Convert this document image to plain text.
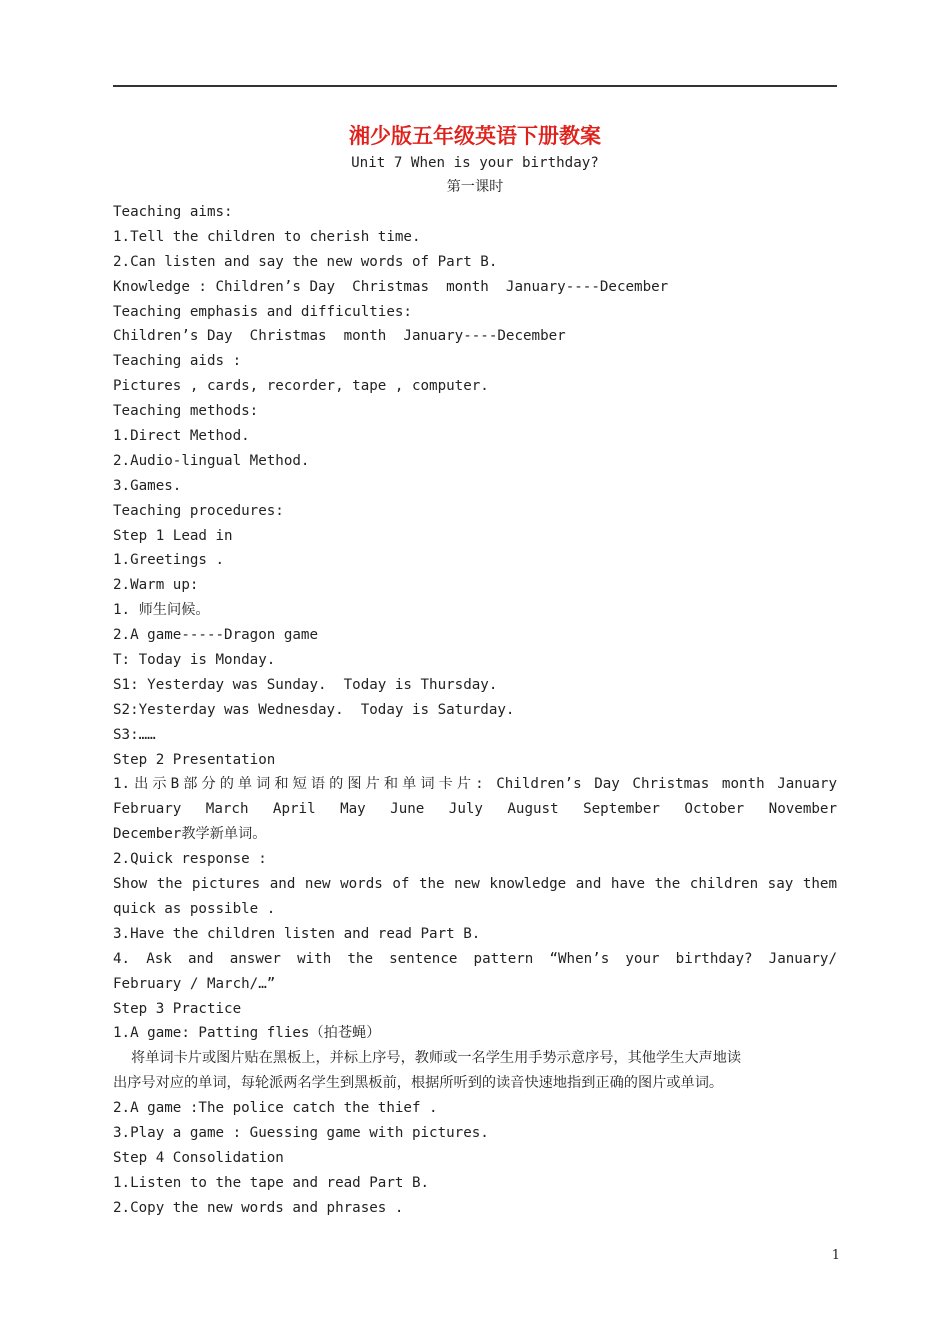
湘少版五年级英语下册教案
Unit 7 When is your birthday?
第一课时
Teaching aims:
1.Tell the children to cherish time.
2.Can listen and say the new words of Part B.
Knowledge : Children’s Day  Christmas  month  January----December
Teaching emphasis and difficulties:
Children’s Day  Christmas  month  January----December
Teaching aids :
Pictures , cards, recorder, tape , computer.
Teaching methods:
1.Direct Method.
2.Audio-lingual Method.
3.Games.
Teaching procedures:
Step 1 Lead in
1.Greetings .
2.Warm up:
1. 师生问候。
2.A game-----Dragon game
T: Today is Monday.
S1: Yesterday was Sunday.  Today is Thursday.
S2:Yesterday was Wednesday.  Today is Saturday.
S3:……
Step 2 Presentation
1.出示B部分的单词和短语的图片和单词卡片: Children’s Day Christmas month January
February March April May June July August September October November
December教学新单词。
2.Quick response :
Show the pictures and new words of the new knowledge and have the children say them
quick as possible .
3.Have the children listen and read Part B.
4. Ask and answer with the sentence pattern “When’s your birthday? January/
February / March/…”
Step 3 Practice
1.A game: Patting flies（拍苍蝇）
将单词卡片或图片贴在黑板上，并标上序号，教师或一名学生用手势示意序号，其他学生大声地读
出序号对应的单词，每轮派两名学生到黑板前，根据所听到的读音快速地指到正确的图片或单词。
2.A game :The police catch the thief .
3.Play a game : Guessing game with pictures.
Step 4 Consolidation
1.Listen to the tape and read Part B.
2.Copy the new words and phrases .
1
